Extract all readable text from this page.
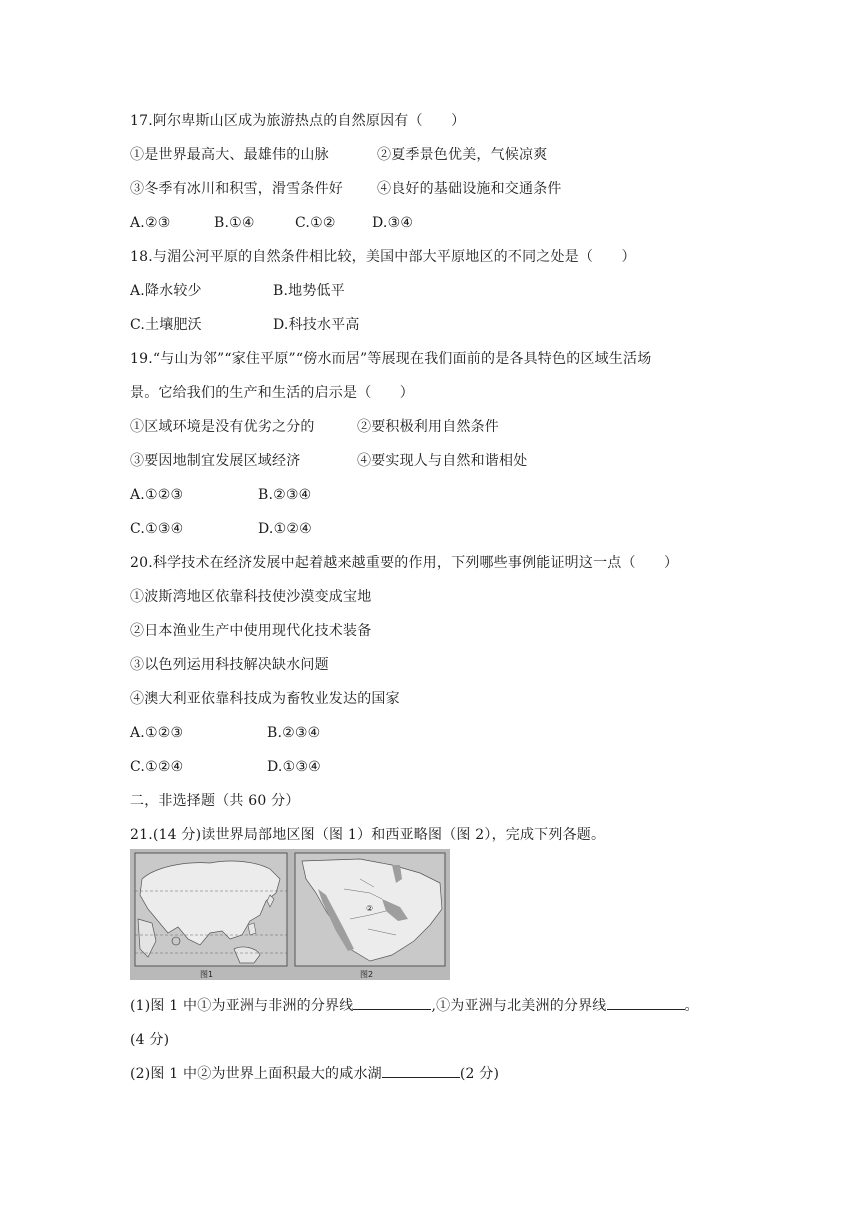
17.阿尔卑斯山区成为旅游热点的自然原因有（　　）
①是世界最高大、最雄伟的山脉	②夏季景色优美，气候凉爽
③冬季有冰川和积雪，滑雪条件好 ④良好的基础设施和交通条件
A.②③	B.①④	C.①②	D.③④
18.与湄公河平原的自然条件相比较，美国中部大平原地区的不同之处是（　　）
A.降水较少	B.地势低平
C.土壤肥沃	D.科技水平高
19.“与山为邻”“家住平原”“傍水而居”等展现在我们面前的是各具特色的区域生活场
景。它给我们的生产和生活的启示是（　　）
①区域环境是没有优劣之分的	②要积极利用自然条件
③要因地制宜发展区域经济	④要实现人与自然和谐相处
A.①②③	B.②③④
C.①③④	D.①②④
20.科学技术在经济发展中起着越来越重要的作用，下列哪些事例能证明这一点（　　）
①波斯湾地区依靠科技使沙漠变成宝地
②日本渔业生产中使用现代化技术装备
③以色列运用科技解决缺水问题
④澳大利亚依靠科技成为畜牧业发达的国家
A.①②③	B.②③④
C.①②④	D.①③④
二，非选择题（共 60 分）
21.(14 分)读世界局部地区图（图 1）和西亚略图（图 2），完成下列各题。
图1
②
图2
(1)图 1 中①为亚洲与非洲的分界线	,①为亚洲与北美洲的分界线	。
(4 分)
(2)图 1 中②为世界上面积最大的咸水湖	(2 分)
